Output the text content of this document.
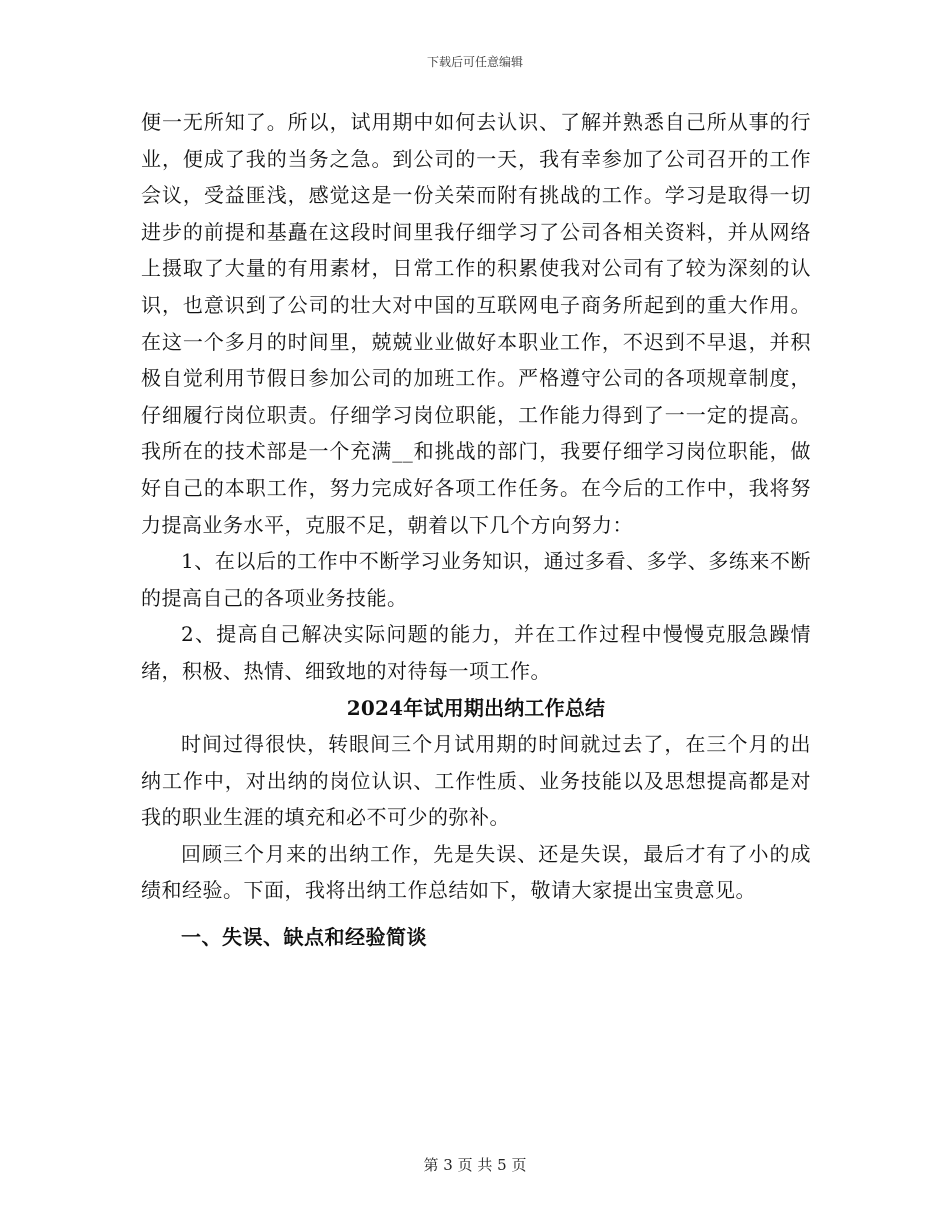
下载后可任意编辑

便一无所知了。所以，试用期中如何去认识、了解并熟悉自己所从事的行业，便成了我的当务之急。到公司的一天，我有幸参加了公司召开的工作会议，受益匪浅，感觉这是一份关荣而附有挑战的工作。学习是取得一切进步的前提和基矗在这段时间里我仔细学习了公司各相关资料，并从网络上摄取了大量的有用素材，日常工作的积累使我对公司有了较为深刻的认识，也意识到了公司的壮大对中国的互联网电子商务所起到的重大作用。在这一个多月的时间里，兢兢业业做好本职业工作，不迟到不早退，并积极自觉利用节假日参加公司的加班工作。严格遵守公司的各项规章制度，仔细履行岗位职责。仔细学习岗位职能，工作能力得到了一一定的提高。我所在的技术部是一个充满__和挑战的部门，我要仔细学习岗位职能，做好自己的本职工作，努力完成好各项工作任务。在今后的工作中，我将努力提高业务水平，克服不足，朝着以下几个方向努力：

1、在以后的工作中不断学习业务知识，通过多看、多学、多练来不断的提高自己的各项业务技能。

2、提高自己解决实际问题的能力，并在工作过程中慢慢克服急躁情绪，积极、热情、细致地的对待每一项工作。

2024年试用期出纳工作总结

时间过得很快，转眼间三个月试用期的时间就过去了，在三个月的出纳工作中，对出纳的岗位认识、工作性质、业务技能以及思想提高都是对我的职业生涯的填充和必不可少的弥补。

回顾三个月来的出纳工作，先是失误、还是失误，最后才有了小的成绩和经验。下面，我将出纳工作总结如下，敬请大家提出宝贵意见。

一、失误、缺点和经验简谈

第 3 页 共 5 页
